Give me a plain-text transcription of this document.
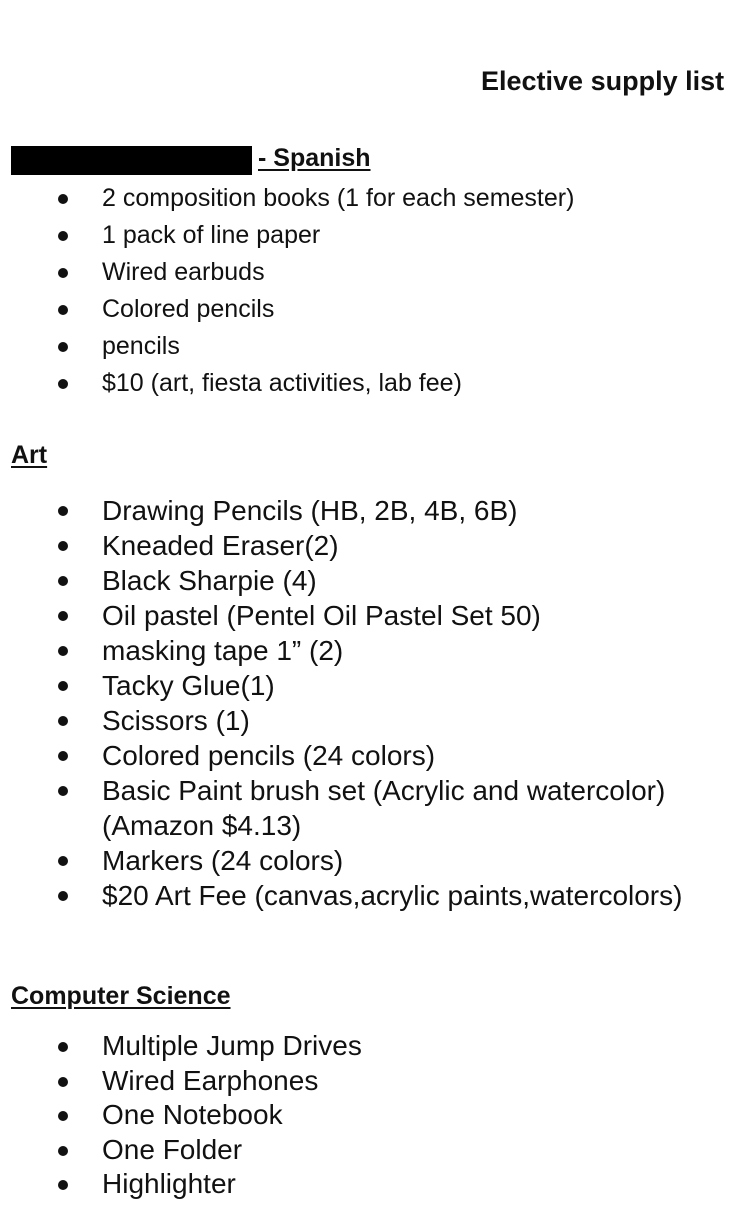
Elective supply list
- Spanish
2 composition books (1 for each semester)
1 pack of line paper
Wired earbuds
Colored pencils
pencils
$10 (art, fiesta activities, lab fee)
Art
Drawing Pencils (HB, 2B, 4B, 6B)
Kneaded Eraser(2)
Black Sharpie (4)
Oil pastel (Pentel Oil Pastel Set 50)
masking tape 1” (2)
Tacky Glue(1)
Scissors (1)
Colored pencils (24 colors)
Basic Paint brush set (Acrylic and watercolor)
(Amazon $4.13)
Markers (24 colors)
$20 Art Fee (canvas,acrylic paints,watercolors)
Computer Science
Multiple Jump Drives
Wired Earphones
One Notebook
One Folder
Highlighter
